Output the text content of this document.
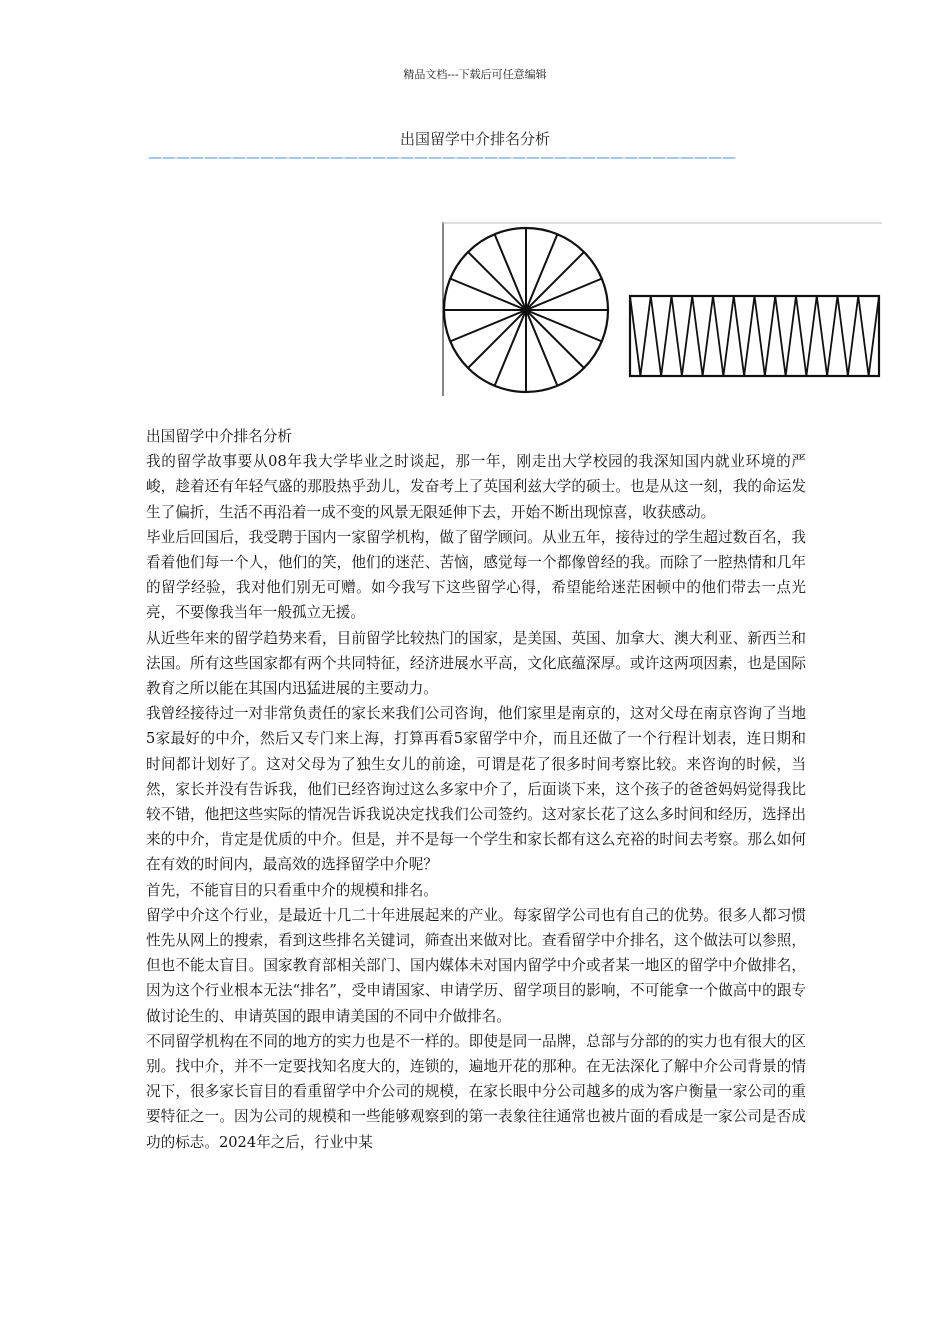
精品文档---下载后可任意编辑
出国留学中介排名分析
——————————————————————————————————————————

出国留学中介排名分析

我的留学故事要从08年我大学毕业之时谈起，那一年，刚走出大学校园的我深知国内就业环境的严峻，趁着还有年轻气盛的那股热乎劲儿，发奋考上了英国利兹大学的硕士。也是从这一刻，我的命运发生了偏折，生活不再沿着一成不变的风景无限延伸下去，开始不断出现惊喜，收获感动。

毕业后回国后，我受聘于国内一家留学机构，做了留学顾问。从业五年，接待过的学生超过数百名，我看着他们每一个人，他们的笑，他们的迷茫、苦恼，感觉每一个都像曾经的我。而除了一腔热情和几年的留学经验，我对他们别无可赠。如今我写下这些留学心得，希望能给迷茫困顿中的他们带去一点光亮，不要像我当年一般孤立无援。

从近些年来的留学趋势来看，目前留学比较热门的国家，是美国、英国、加拿大、澳大利亚、新西兰和法国。所有这些国家都有两个共同特征，经济进展水平高，文化底蕴深厚。或许这两项因素，也是国际教育之所以能在其国内迅猛进展的主要动力。

我曾经接待过一对非常负责任的家长来我们公司咨询，他们家里是南京的，这对父母在南京咨询了当地5家最好的中介，然后又专门来上海，打算再看5家留学中介，而且还做了一个行程计划表，连日期和时间都计划好了。这对父母为了独生女儿的前途，可谓是花了很多时间考察比较。来咨询的时候，当然，家长并没有告诉我，他们已经咨询过这么多家中介了，后面谈下来，这个孩子的爸爸妈妈觉得我比较不错，他把这些实际的情况告诉我说决定找我们公司签约。这对家长花了这么多时间和经历，选择出来的中介，肯定是优质的中介。但是，并不是每一个学生和家长都有这么充裕的时间去考察。那么如何在有效的时间内，最高效的选择留学中介呢？

首先，不能盲目的只看重中介的规模和排名。

留学中介这个行业，是最近十几二十年进展起来的产业。每家留学公司也有自己的优势。很多人都习惯性先从网上的搜索，看到这些排名关键词，筛查出来做对比。查看留学中介排名，这个做法可以参照，但也不能太盲目。国家教育部相关部门、国内媒体未对国内留学中介或者某一地区的留学中介做排名，因为这个行业根本无法“排名”，受申请国家、申请学历、留学项目的影响，不可能拿一个做高中的跟专做讨论生的、申请英国的跟申请美国的不同中介做排名。

不同留学机构在不同的地方的实力也是不一样的。即使是同一品牌，总部与分部的的实力也有很大的区别。找中介，并不一定要找知名度大的，连锁的，遍地开花的那种。在无法深化了解中介公司背景的情况下，很多家长盲目的看重留学中介公司的规模，在家长眼中分公司越多的成为客户衡量一家公司的重要特征之一。因为公司的规模和一些能够观察到的第一表象往往通常也被片面的看成是一家公司是否成功的标志。2024年之后，行业中某
